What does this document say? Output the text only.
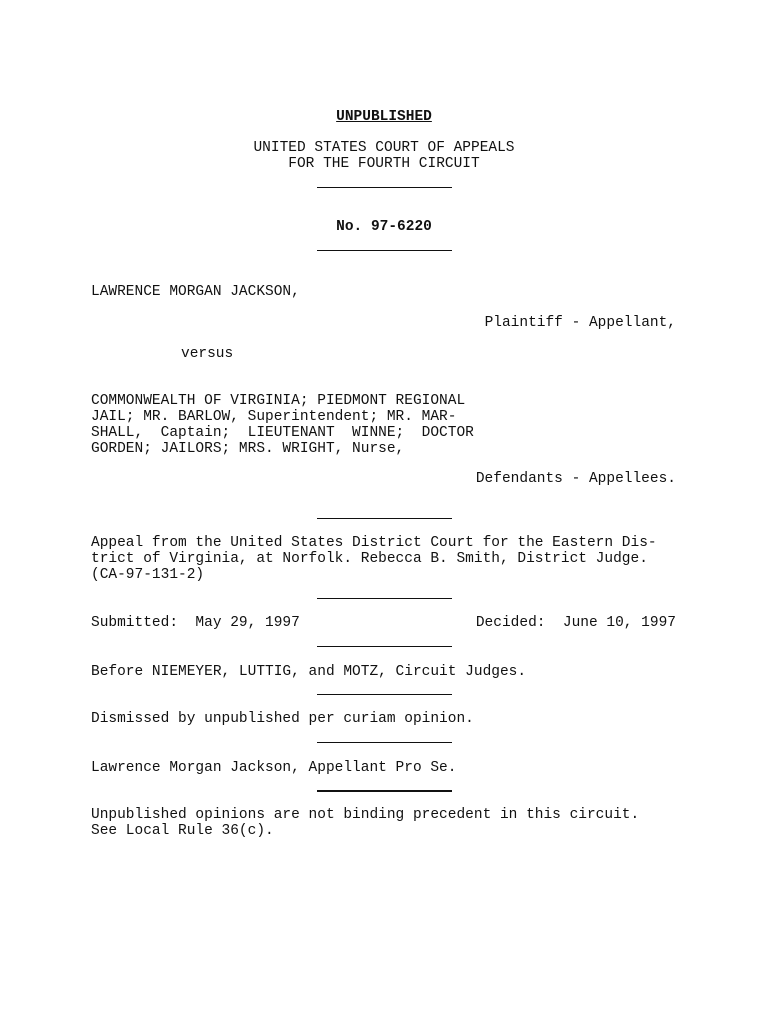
UNPUBLISHED
UNITED STATES COURT OF APPEALS
FOR THE FOURTH CIRCUIT
No. 97-6220
LAWRENCE MORGAN JACKSON,
Plaintiff - Appellant,
versus
COMMONWEALTH OF VIRGINIA; PIEDMONT REGIONAL
JAIL; MR. BARLOW, Superintendent; MR. MAR-
SHALL,  Captain;  LIEUTENANT  WINNE;  DOCTOR
GORDEN; JAILORS; MRS. WRIGHT, Nurse,
Defendants - Appellees.
Appeal from the United States District Court for the Eastern Dis-
trict of Virginia, at Norfolk. Rebecca B. Smith, District Judge.
(CA-97-131-2)
Submitted:  May 29, 1997	Decided:  June 10, 1997
Before NIEMEYER, LUTTIG, and MOTZ, Circuit Judges.
Dismissed by unpublished per curiam opinion.
Lawrence Morgan Jackson, Appellant Pro Se.
Unpublished opinions are not binding precedent in this circuit.
See Local Rule 36(c).
